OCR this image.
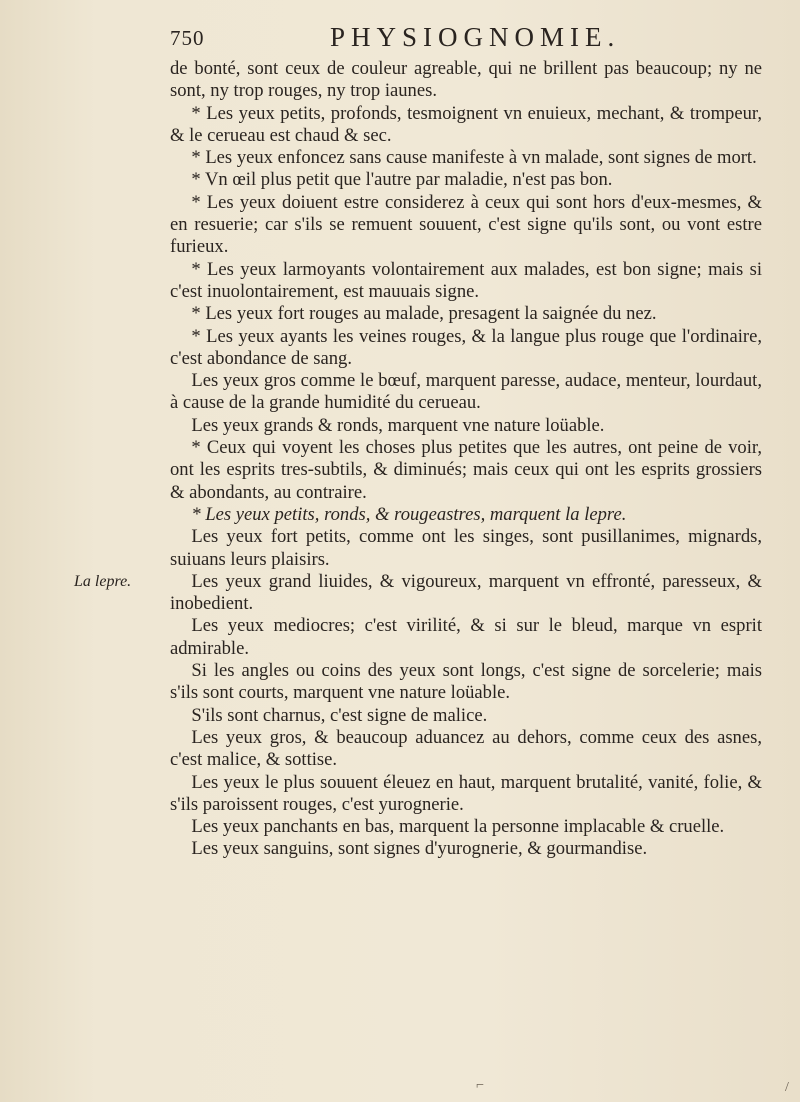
750	PHYSIOGNOMIE.
La lepre.

de bonté, sont ceux de couleur agreable, qui ne brillent pas beaucoup; ny ne sont, ny trop rouges, ny trop iaunes.

* Les yeux petits, profonds, tesmoignent vn enuieux, mechant, & trompeur, & le cerueau est chaud & sec.

* Les yeux enfoncez sans cause manifeste à vn malade, sont signes de mort.

* Vn œil plus petit que l'autre par maladie, n'est pas bon.

* Les yeux doiuent estre considerez à ceux qui sont hors d'eux-mesmes, & en resuerie; car s'ils se remuent souuent, c'est signe qu'ils sont, ou vont estre furieux.

* Les yeux larmoyants volontairement aux malades, est bon signe; mais si c'est inuolontairement, est mauuais signe.

* Les yeux fort rouges au malade, presagent la saignée du nez.

* Les yeux ayants les veines rouges, & la langue plus rouge que l'ordinaire, c'est abondance de sang.

Les yeux gros comme le bœuf, marquent paresse, audace, menteur, lourdaut, à cause de la grande humidité du cerueau.

Les yeux grands & ronds, marquent vne nature loüable.

* Ceux qui voyent les choses plus petites que les autres, ont peine de voir, ont les esprits tres-subtils, & diminués; mais ceux qui ont les esprits grossiers & abondants, au contraire.

* Les yeux petits, ronds, & rougeastres, marquent la lepre.

Les yeux fort petits, comme ont les singes, sont pusillanimes, mignards, suiuans leurs plaisirs.

Les yeux grand liuides, & vigoureux, marquent vn effronté, paresseux, & inobedient.

Les yeux mediocres; c'est virilité, & si sur le bleud, marque vn esprit admirable.

Si les angles ou coins des yeux sont longs, c'est signe de sorcelerie; mais s'ils sont courts, marquent vne nature loüable.

S'ils sont charnus, c'est signe de malice.

Les yeux gros, & beaucoup aduancez au dehors, comme ceux des asnes, c'est malice, & sottise.

Les yeux le plus souuent éleuez en haut, marquent brutalité, vanité, folie, & s'ils paroissent rouges, c'est yurognerie.

Les yeux panchants en bas, marquent la personne implacable & cruelle.

Les yeux sanguins, sont signes d'yurognerie, & gourmandise.

⌐	/
